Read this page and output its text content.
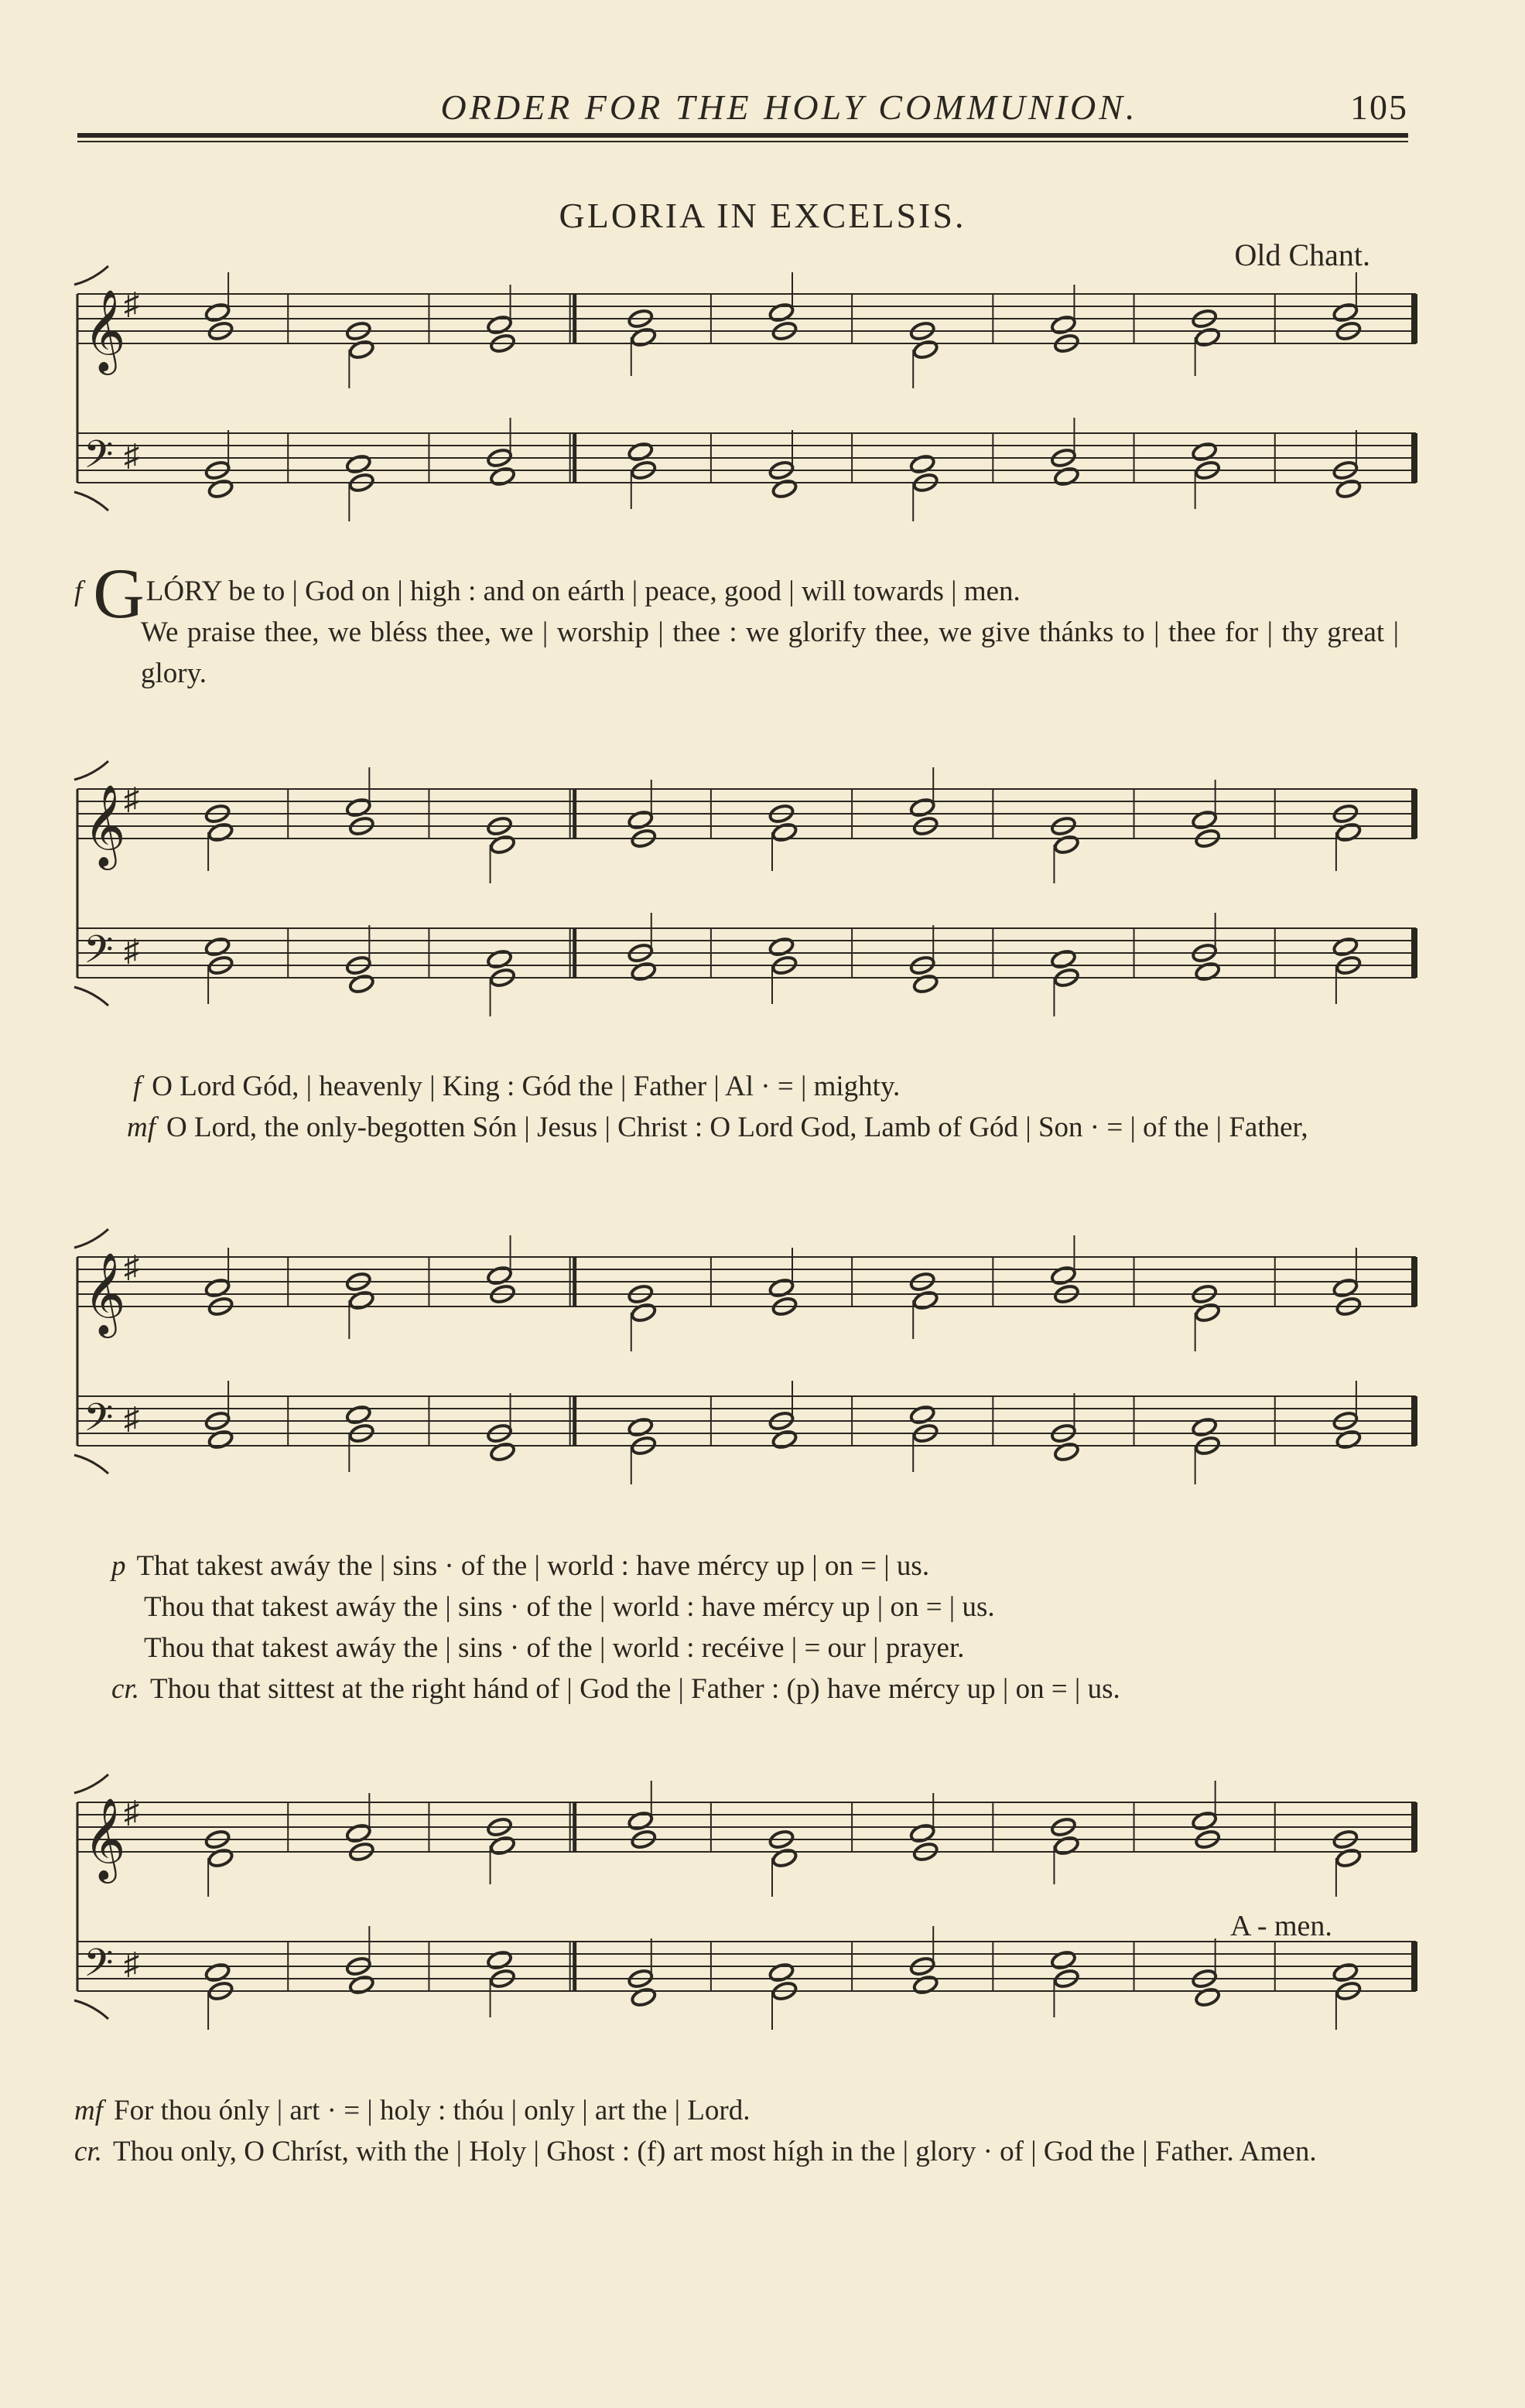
ORDER FOR THE HOLY COMMUNION.	105
GLORIA IN EXCELSIS.
Old Chant.
𝄞
♯
𝄢 ♯

f GLÓRY be to | God on | high : and on eárth | peace, good | will towards | men.

We praise thee, we bléss thee, we | worship | thee : we glorify thee, we give thánks to | thee for | thy great | glory.

𝄞
♯
𝄢 ♯

f O Lord Gód, | heavenly | King : Gód the | Father | Al · = | mighty.

mf O Lord, the only-begotten Són | Jesus | Christ : O Lord God, Lamb of Gód | Son · = | of the | Father,

𝄞
♯
𝄢 ♯

p That takest awáy the | sins · of the | world : have mércy up | on = | us.

Thou that takest awáy the | sins · of the | world : have mércy up | on = | us.

Thou that takest awáy the | sins · of the | world : recéive | = our | prayer.

cr. Thou that sittest at the right hánd of | God the | Father : (p) have mércy up | on = | us.

𝄞
♯
𝄢 ♯
A - men.

mf For thou ónly | art · = | holy : thóu | only | art the | Lord.

cr. Thou only, O Chríst, with the | Holy | Ghost : (f) art most hígh in the | glory · of | God the | Father. Amen.
